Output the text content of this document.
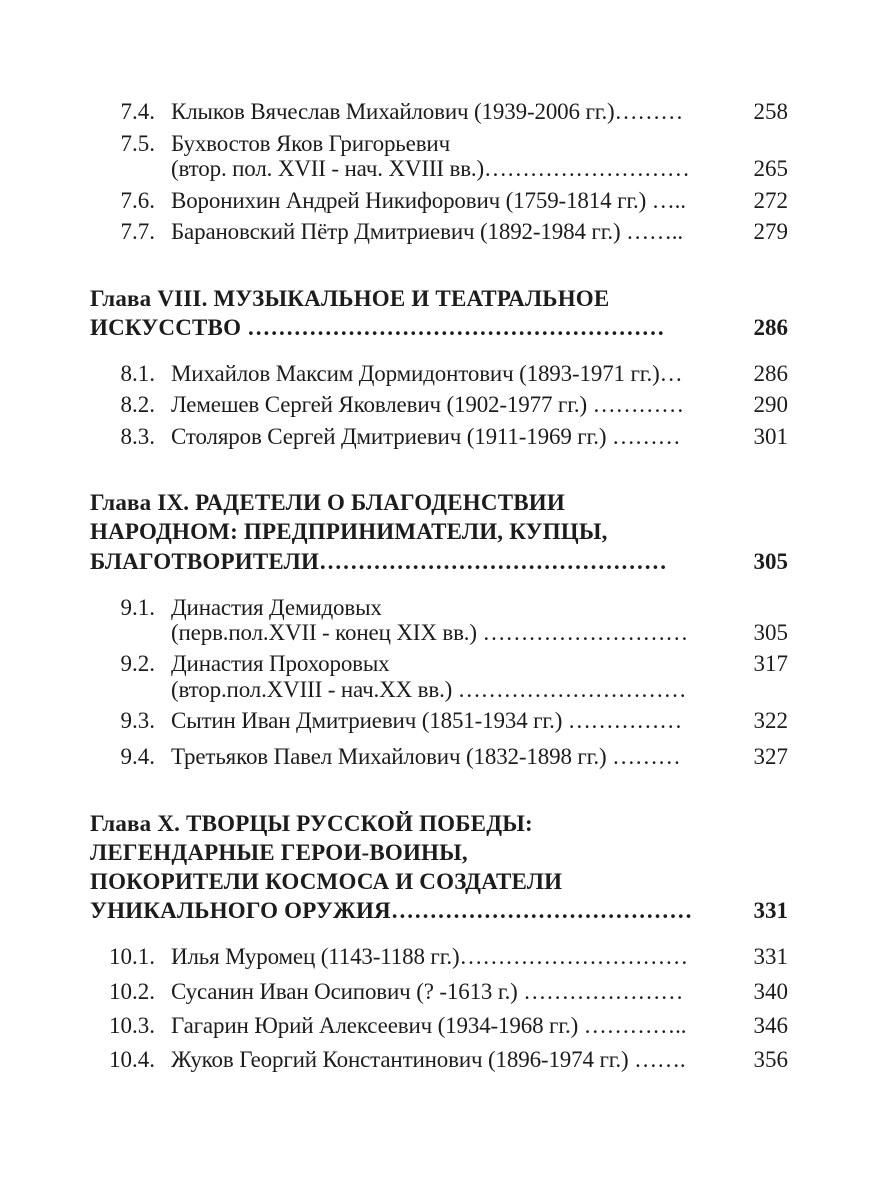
7.4. Клыков Вячеслав Михайлович (1939-2006 гг.)………	258
7.5. Бухвостов Яков Григорьевич
(втор. пол. XVII - нач. XVIII вв.)………………………	265
7.6. Воронихин Андрей Никифорович (1759-1814 гг.) …..	272
7.7. Барановский Пётр Дмитриевич (1892-1984 гг.) ……..	279
Глава VIII. МУЗЫКАЛЬНОЕ И ТЕАТРАЛЬНОЕ
ИСКУССТВО ………………………………………………	286
8.1. Михайлов Максим Дормидонтович (1893-1971 гг.)…	286
8.2. Лемешев Сергей Яковлевич (1902-1977 гг.) …………	290
8.3. Столяров Сергей Дмитриевич (1911-1969 гг.) ………	301
Глава IX. РАДЕТЕЛИ О БЛАГОДЕНСТВИИ
НАРОДНОМ: ПРЕДПРИНИМАТЕЛИ, КУПЦЫ,
БЛАГОТВОРИТЕЛИ………………………………………	305
9.1. Династия Демидовых
(перв.пол.XVII - конец XIX вв.) ………………………	305
9.2. Династия Прохоровых	317
(втор.пол.XVIII - нач.XX вв.) …………………………
9.3. Сытин Иван Дмитриевич (1851-1934 гг.) ……………	322
9.4. Третьяков Павел Михайлович (1832-1898 гг.) ………	327
Глава X. ТВОРЦЫ РУССКОЙ ПОБЕДЫ:
ЛЕГЕНДАРНЫЕ ГЕРОИ-ВОИНЫ,
ПОКОРИТЕЛИ КОСМОСА И СОЗДАТЕЛИ
УНИКАЛЬНОГО ОРУЖИЯ…………………………………	331
10.1. Илья Муромец (1143-1188 гг.)…………………………	331
10.2. Сусанин Иван Осипович (? -1613 г.) …………………	340
10.3. Гагарин Юрий Алексеевич (1934-1968 гг.) …………..	346
10.4. Жуков Георгий Константинович (1896-1974 гг.) …….	356
